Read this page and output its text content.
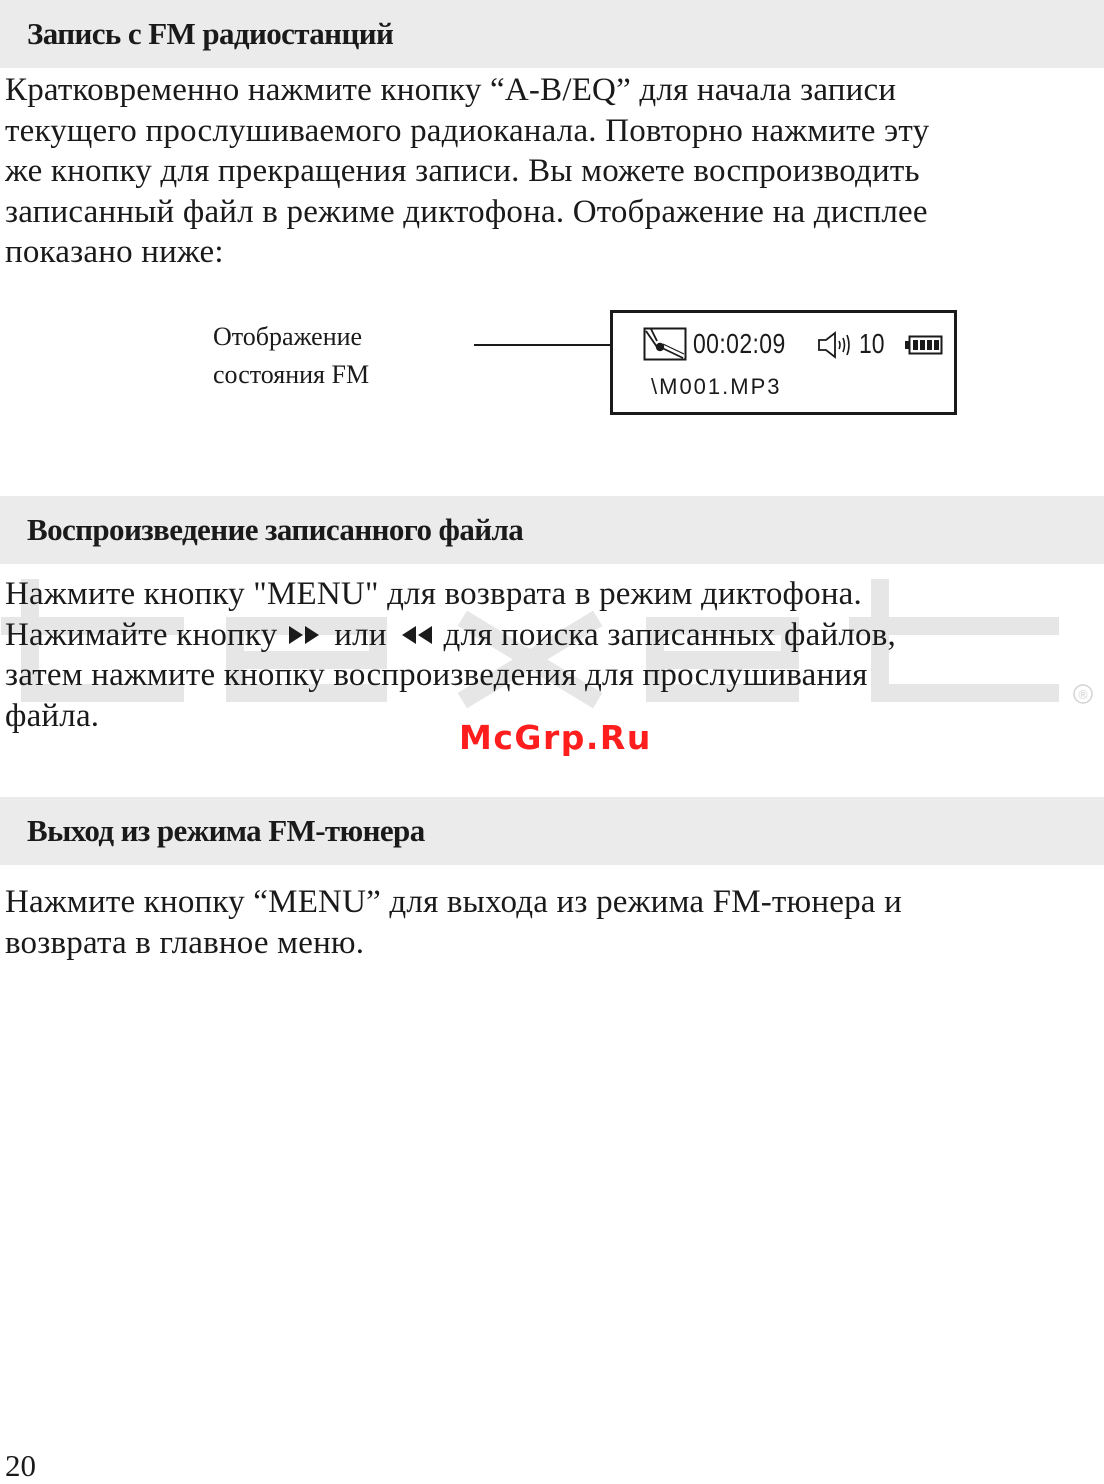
Запись с FM радиостанций

Кратковременно нажмите кнопку “A-B/EQ” для начала записи
текущего прослушиваемого радиоканала. Повторно нажмите эту
же кнопку для прекращения записи. Вы можете воспроизводить
записанный файл в режиме диктофона. Отображение на дисплее
показано ниже:

Отображение
состояния FM
00:02:09	10
\M001.MP3
Воспроизведение записанного файла
®

Нажмите кнопку "MENU" для возврата в режим диктофона.
Нажимайте кнопку  или  для поиска записанных файлов,
затем нажмите кнопку воспроизведения для прослушивания
файла.

McGrp.Ru
Выход из режима FM-тюнера

Нажмите кнопку “MENU” для выхода из режима FM-тюнера и
возврата в главное меню.

20
